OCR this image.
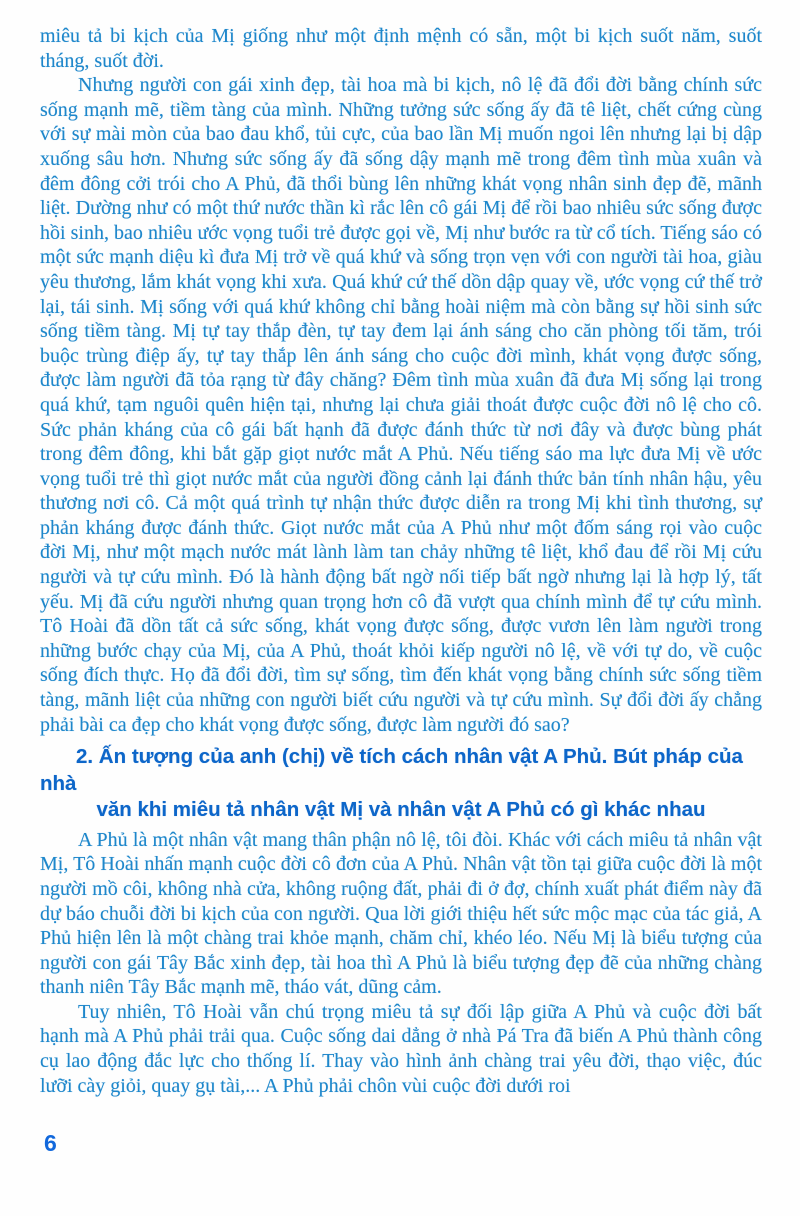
miêu tả bi kịch của Mị giống như một định mệnh có sẵn, một bi kịch suốt năm, suốt tháng, suốt đời.

Nhưng người con gái xinh đẹp, tài hoa mà bi kịch, nô lệ đã đổi đời bằng chính sức sống mạnh mẽ, tiềm tàng của mình. Những tưởng sức sống ấy đã tê liệt, chết cứng cùng với sự mài mòn của bao đau khổ, tủi cực, của bao lần Mị muốn ngoi lên nhưng lại bị dập xuống sâu hơn. Nhưng sức sống ấy đã sống dậy mạnh mẽ trong đêm tình mùa xuân và đêm đông cởi trói cho A Phủ, đã thổi bùng lên những khát vọng nhân sinh đẹp đẽ, mãnh liệt. Dường như có một thứ nước thần kì rắc lên cô gái Mị để rồi bao nhiêu sức sống được hồi sinh, bao nhiêu ước vọng tuổi trẻ được gọi về, Mị như bước ra từ cổ tích. Tiếng sáo có một sức mạnh diệu kì đưa Mị trở về quá khứ và sống trọn vẹn với con người tài hoa, giàu yêu thương, lắm khát vọng khi xưa. Quá khứ cứ thế dồn dập quay về, ước vọng cứ thế trở lại, tái sinh. Mị sống với quá khứ không chỉ bằng hoài niệm mà còn bằng sự hồi sinh sức sống tiềm tàng. Mị tự tay thắp đèn, tự tay đem lại ánh sáng cho căn phòng tối tăm, trói buộc trùng điệp ấy, tự tay thắp lên ánh sáng cho cuộc đời mình, khát vọng được sống, được làm người đã tỏa rạng từ đây chăng? Đêm tình mùa xuân đã đưa Mị sống lại trong quá khứ, tạm nguôi quên hiện tại, nhưng lại chưa giải thoát được cuộc đời nô lệ cho cô. Sức phản kháng của cô gái bất hạnh đã được đánh thức từ nơi đây và được bùng phát trong đêm đông, khi bắt gặp giọt nước mắt A Phủ. Nếu tiếng sáo ma lực đưa Mị về ước vọng tuổi trẻ thì giọt nước mắt của người đồng cảnh lại đánh thức bản tính nhân hậu, yêu thương nơi cô. Cả một quá trình tự nhận thức được diễn ra trong Mị khi tình thương, sự phản kháng được đánh thức. Giọt nước mắt của A Phủ như một đốm sáng rọi vào cuộc đời Mị, như một mạch nước mát lành làm tan chảy những tê liệt, khổ đau để rồi Mị cứu người và tự cứu mình. Đó là hành động bất ngờ nối tiếp bất ngờ nhưng lại là hợp lý, tất yếu. Mị đã cứu người nhưng quan trọng hơn cô đã vượt qua chính mình để tự cứu mình. Tô Hoài đã dồn tất cả sức sống, khát vọng được sống, được vươn lên làm người trong những bước chạy của Mị, của A Phủ, thoát khỏi kiếp người nô lệ, về với tự do, về cuộc sống đích thực. Họ đã đổi đời, tìm sự sống, tìm đến khát vọng bằng chính sức sống tiềm tàng, mãnh liệt của những con người biết cứu người và tự cứu mình. Sự đổi đời ấy chẳng phải bài ca đẹp cho khát vọng được sống, được làm người đó sao?

2. Ấn tượng của anh (chị) về tích cách nhân vật A Phủ. Bút pháp của nhà
văn khi miêu tả nhân vật Mị và nhân vật A Phủ có gì khác nhau

A Phủ là một nhân vật mang thân phận nô lệ, tôi đòi. Khác với cách miêu tả nhân vật Mị, Tô Hoài nhấn mạnh cuộc đời cô đơn của A Phủ. Nhân vật tồn tại giữa cuộc đời là một người mồ côi, không nhà cửa, không ruộng đất, phải đi ở đợ, chính xuất phát điểm này đã dự báo chuỗi đời bi kịch của con người. Qua lời giới thiệu hết sức mộc mạc của tác giả, A Phủ hiện lên là một chàng trai khỏe mạnh, chăm chỉ, khéo léo. Nếu Mị là biểu tượng của người con gái Tây Bắc xinh đẹp, tài hoa thì A Phủ là biểu tượng đẹp đẽ của những chàng thanh niên Tây Bắc mạnh mẽ, tháo vát, dũng cảm.

Tuy nhiên, Tô Hoài vẫn chú trọng miêu tả sự đối lập giữa A Phủ và cuộc đời bất hạnh mà A Phủ phải trải qua. Cuộc sống dai dẳng ở nhà Pá Tra đã biến A Phủ thành công cụ lao động đắc lực cho thống lí. Thay vào hình ảnh chàng trai yêu đời, thạo việc, đúc lưỡi cày giỏi, quay gụ tài,... A Phủ phải chôn vùi cuộc đời dưới roi

6
